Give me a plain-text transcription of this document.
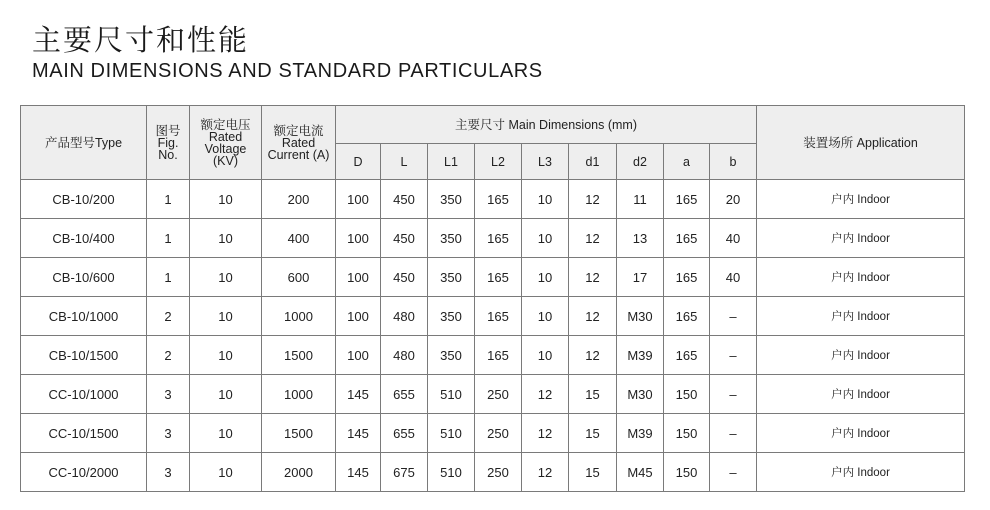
主要尺寸和性能
MAIN DIMENSIONS AND STANDARD PARTICULARS
产品型号Type	图号
Fig.
No.	额定电压
Rated
Voltage
(KV)	额定电流
Rated
Current (A)	主要尺寸 Main Dimensions (mm)									装置场所 Application
				D	L	L1	L2	L3	d1	d2	a	b	
CB-10/200	1	10	200	100	450	350	165	10	12	11	165	20	户内 Indoor
CB-10/400	1	10	400	100	450	350	165	10	12	13	165	40	户内 Indoor
CB-10/600	1	10	600	100	450	350	165	10	12	17	165	40	户内 Indoor
CB-10/1000	2	10	1000	100	480	350	165	10	12	M30	165	–	户内 Indoor
CB-10/1500	2	10	1500	100	480	350	165	10	12	M39	165	–	户内 Indoor
CC-10/1000	3	10	1000	145	655	510	250	12	15	M30	150	–	户内 Indoor
CC-10/1500	3	10	1500	145	655	510	250	12	15	M39	150	–	户内 Indoor
CC-10/2000	3	10	2000	145	675	510	250	12	15	M45	150	–	户内 Indoor
